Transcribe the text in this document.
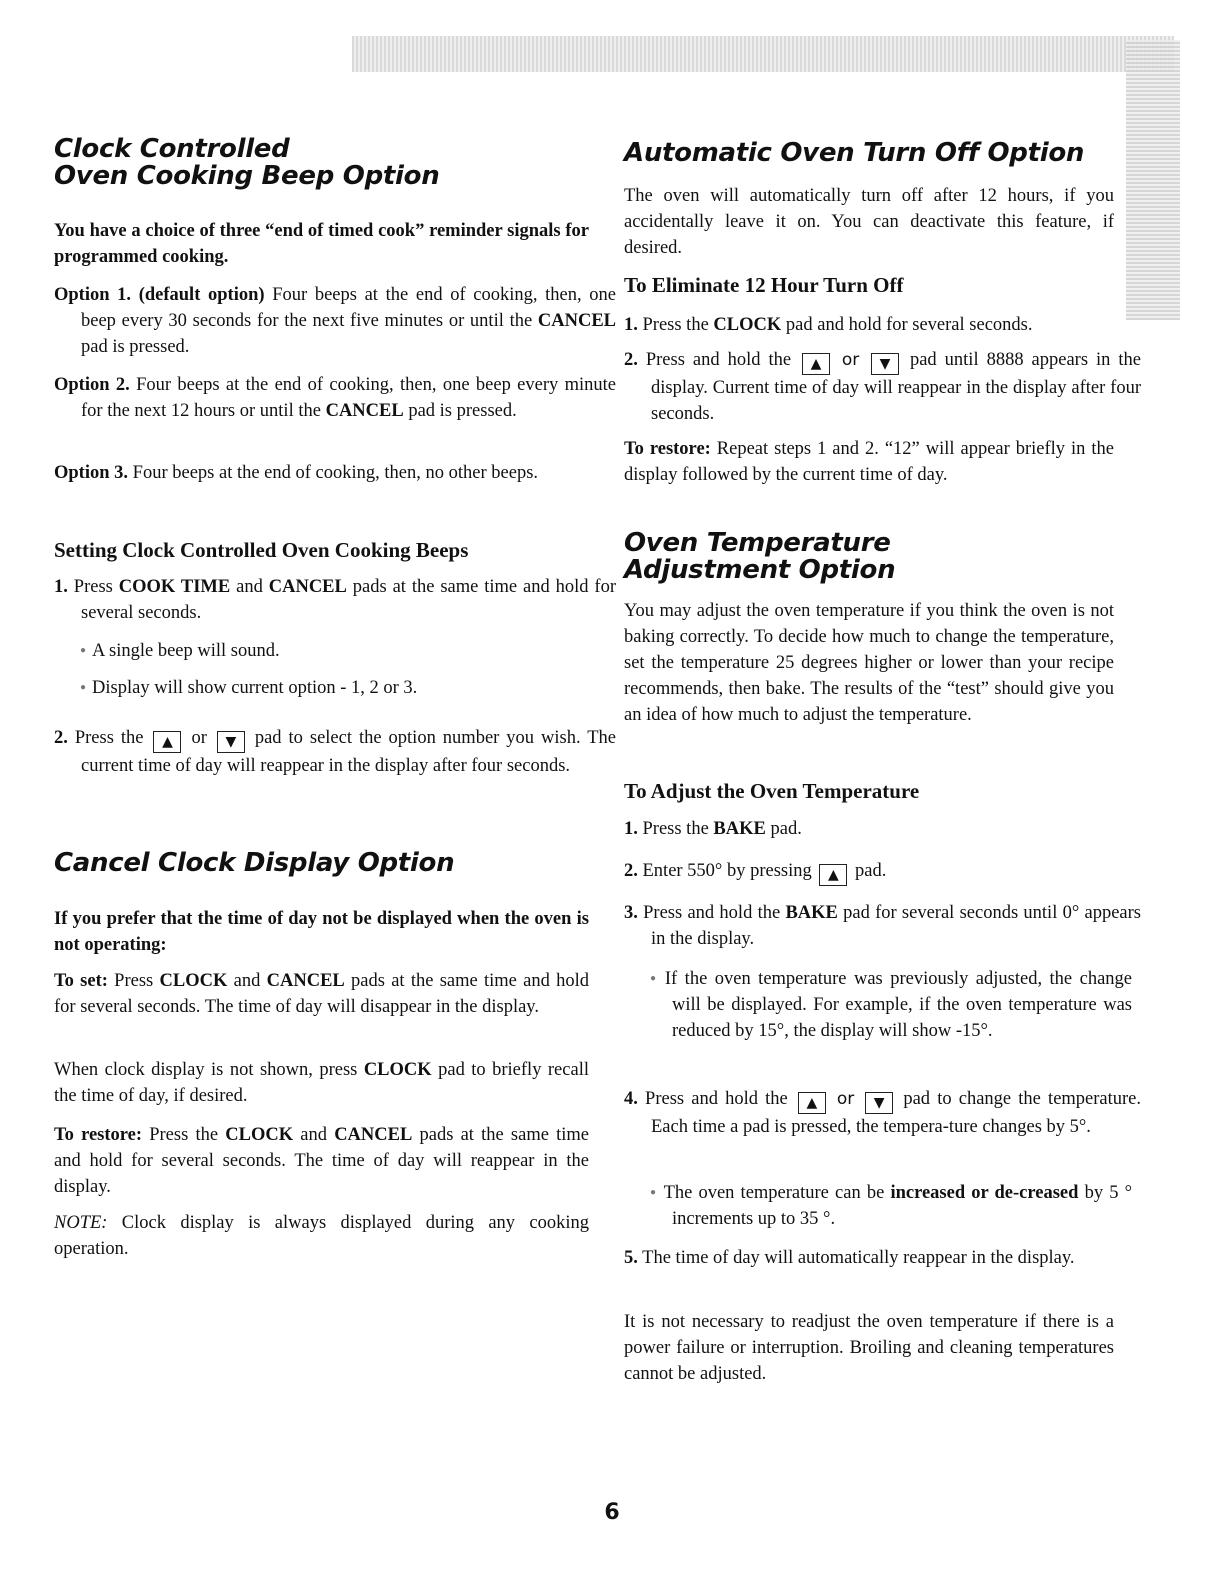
Clock Controlled
Oven Cooking Beep Option

You have a choice of three “end of timed cook” reminder signals for programmed cooking.

Option 1. (default option) Four beeps at the end of cooking, then, one beep every 30 seconds for the next five minutes or until the CANCEL pad is pressed.

Option 2. Four beeps at the end of cooking, then, one beep every minute for the next 12 hours or until the CANCEL pad is pressed.

Option 3. Four beeps at the end of cooking, then, no other beeps.

Setting Clock Controlled Oven Cooking Beeps

1. Press COOK TIME and CANCEL pads at the same time and hold for several seconds.

● A single beep will sound.

● Display will show current option - 1, 2 or 3.

2. Press the ▲ or ▼ pad to select the option number you wish. The current time of day will reappear in the display after four seconds.

Cancel Clock Display Option

If you prefer that the time of day not be displayed when the oven is not operating:

To set: Press CLOCK and CANCEL pads at the same time and hold for several seconds. The time of day will disappear in the display.

When clock display is not shown, press CLOCK pad to briefly recall the time of day, if desired.

To restore: Press the CLOCK and CANCEL pads at the same time and hold for several seconds. The time of day will reappear in the display.

NOTE: Clock display is always displayed during any cooking operation.

Automatic Oven Turn Off Option

The oven will automatically turn off after 12 hours, if you accidentally leave it on. You can deactivate this feature, if desired.

To Eliminate 12 Hour Turn Off

1. Press the CLOCK pad and hold for several seconds.

2. Press and hold the ▲ or ▼ pad until 8888 appears in the display. Current time of day will reappear in the display after four seconds.

To restore: Repeat steps 1 and 2. “12” will appear briefly in the display followed by the current time of day.

Oven Temperature
Adjustment Option

You may adjust the oven temperature if you think the oven is not baking correctly. To decide how much to change the temperature, set the temperature 25 degrees higher or lower than your recipe recommends, then bake. The results of the “test” should give you an idea of how much to adjust the temperature.

To Adjust the Oven Temperature

1. Press the BAKE pad.

2. Enter 550° by pressing ▲ pad.

3. Press and hold the BAKE pad for several seconds until 0° appears in the display.

● If the oven temperature was previously adjusted, the change will be displayed. For example, if the oven temperature was reduced by 15°, the display will show -15°.

4. Press and hold the ▲ or ▼ pad to change the temperature. Each time a pad is pressed, the tempera-ture changes by 5°.

● The oven temperature can be increased or de-creased by 5 ° increments up to 35 °.

5. The time of day will automatically reappear in the display.

It is not necessary to readjust the oven temperature if there is a power failure or interruption. Broiling and cleaning temperatures cannot be adjusted.

6
